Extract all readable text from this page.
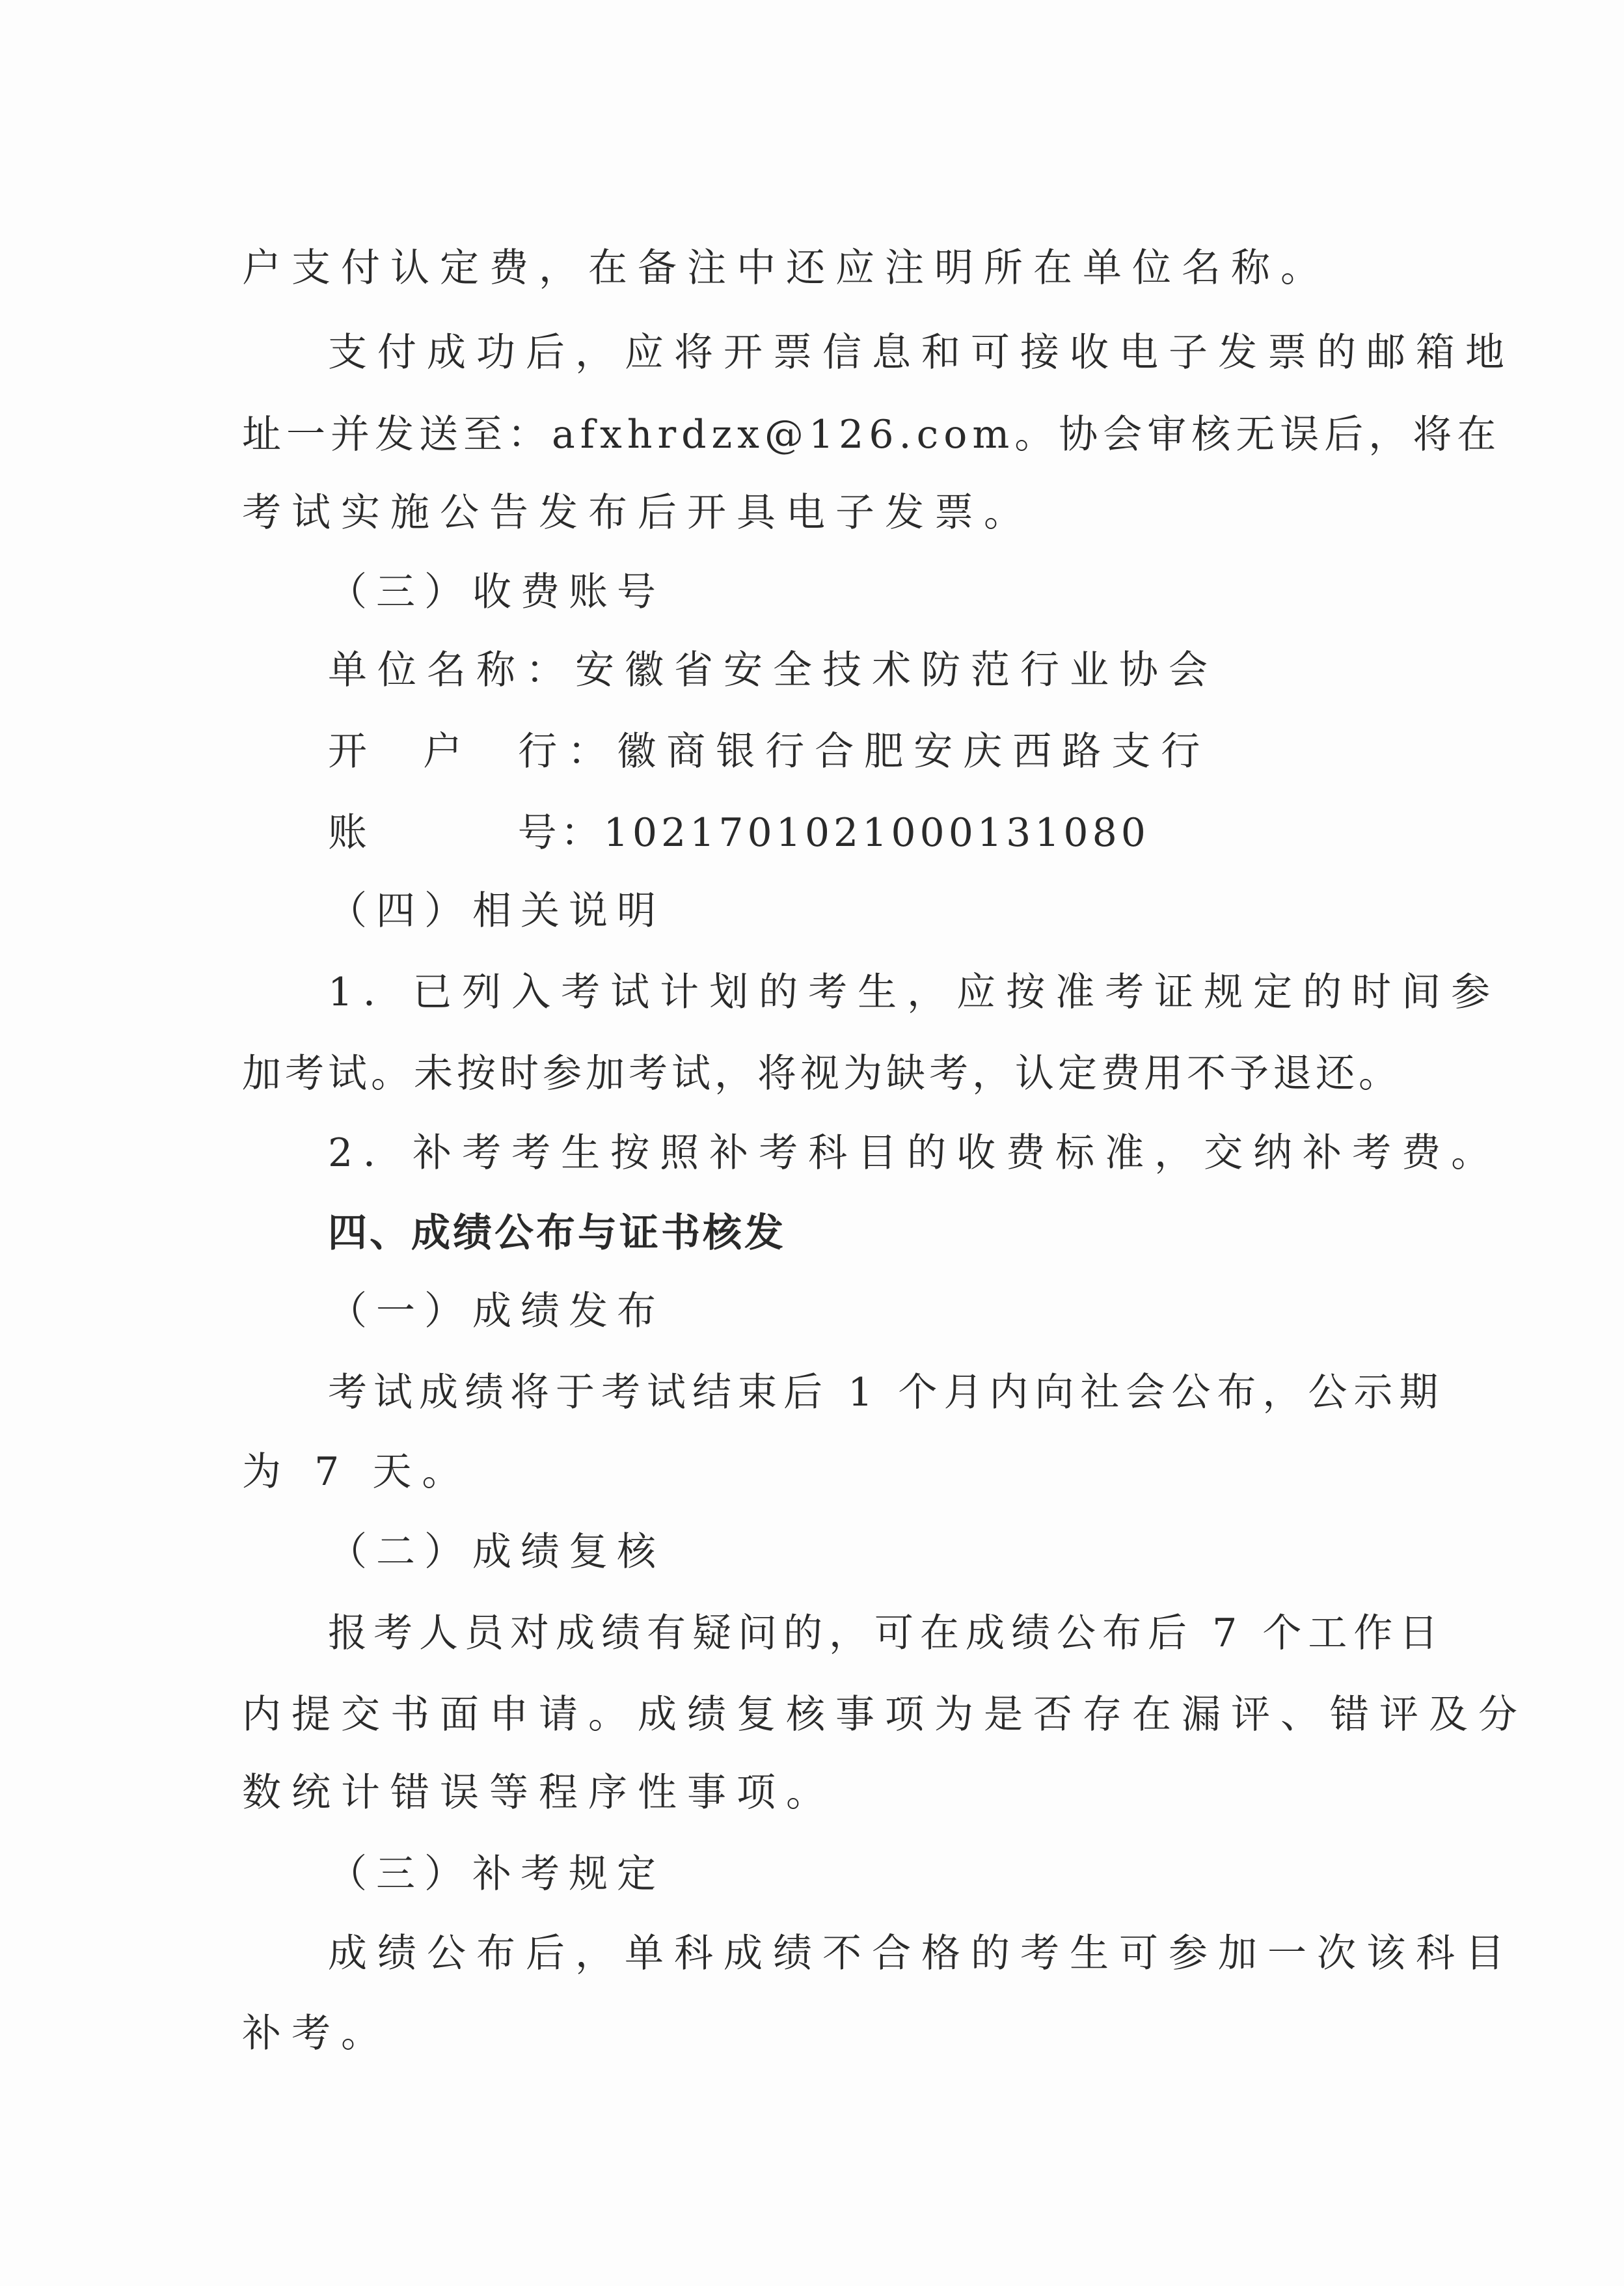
户支付认定费，在备注中还应注明所在单位名称。
支付成功后，应将开票信息和可接收电子发票的邮箱地
址一并发送至：afxhrdzx@126.com。协会审核无误后，将在
考试实施公告发布后开具电子发票。
（三）收费账号
单位名称：安徽省安全技术防范行业协会
开  户  行：徽商银行合肥安庆西路支行
账         号：1021701021000131080
（四）相关说明
1．已列入考试计划的考生，应按准考证规定的时间参
加考试。未按时参加考试，将视为缺考，认定费用不予退还。
2．补考考生按照补考科目的收费标准，交纳补考费。
四、成绩公布与证书核发
（一）成绩发布
考试成绩将于考试结束后 1 个月内向社会公布，公示期
为 7 天。
（二）成绩复核
报考人员对成绩有疑问的，可在成绩公布后 7 个工作日
内提交书面申请。成绩复核事项为是否存在漏评、错评及分
数统计错误等程序性事项。
（三）补考规定
成绩公布后，单科成绩不合格的考生可参加一次该科目
补考。
